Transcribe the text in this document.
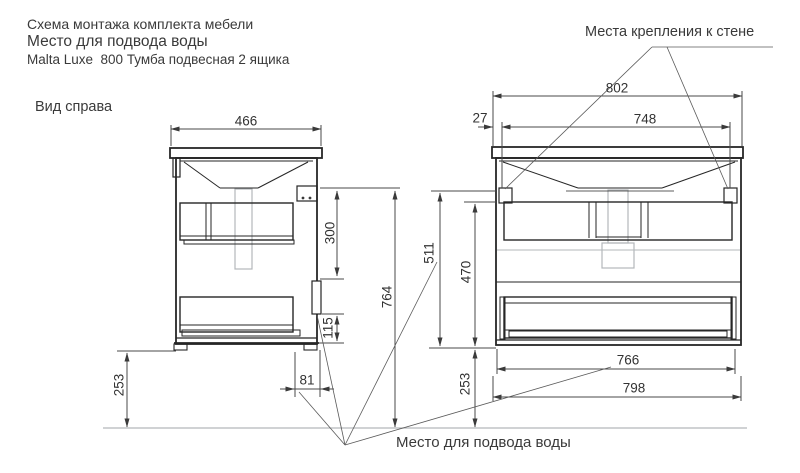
Схема монтажа комплекта мебели
Место для подвода воды
Malta Luxe  800 Тумба подвесная 2 ящика
Вид справа
Места крепления к стене
Место для подвода воды
466
300
115
764
253	81
802
27	748
511
470
253
766
798
